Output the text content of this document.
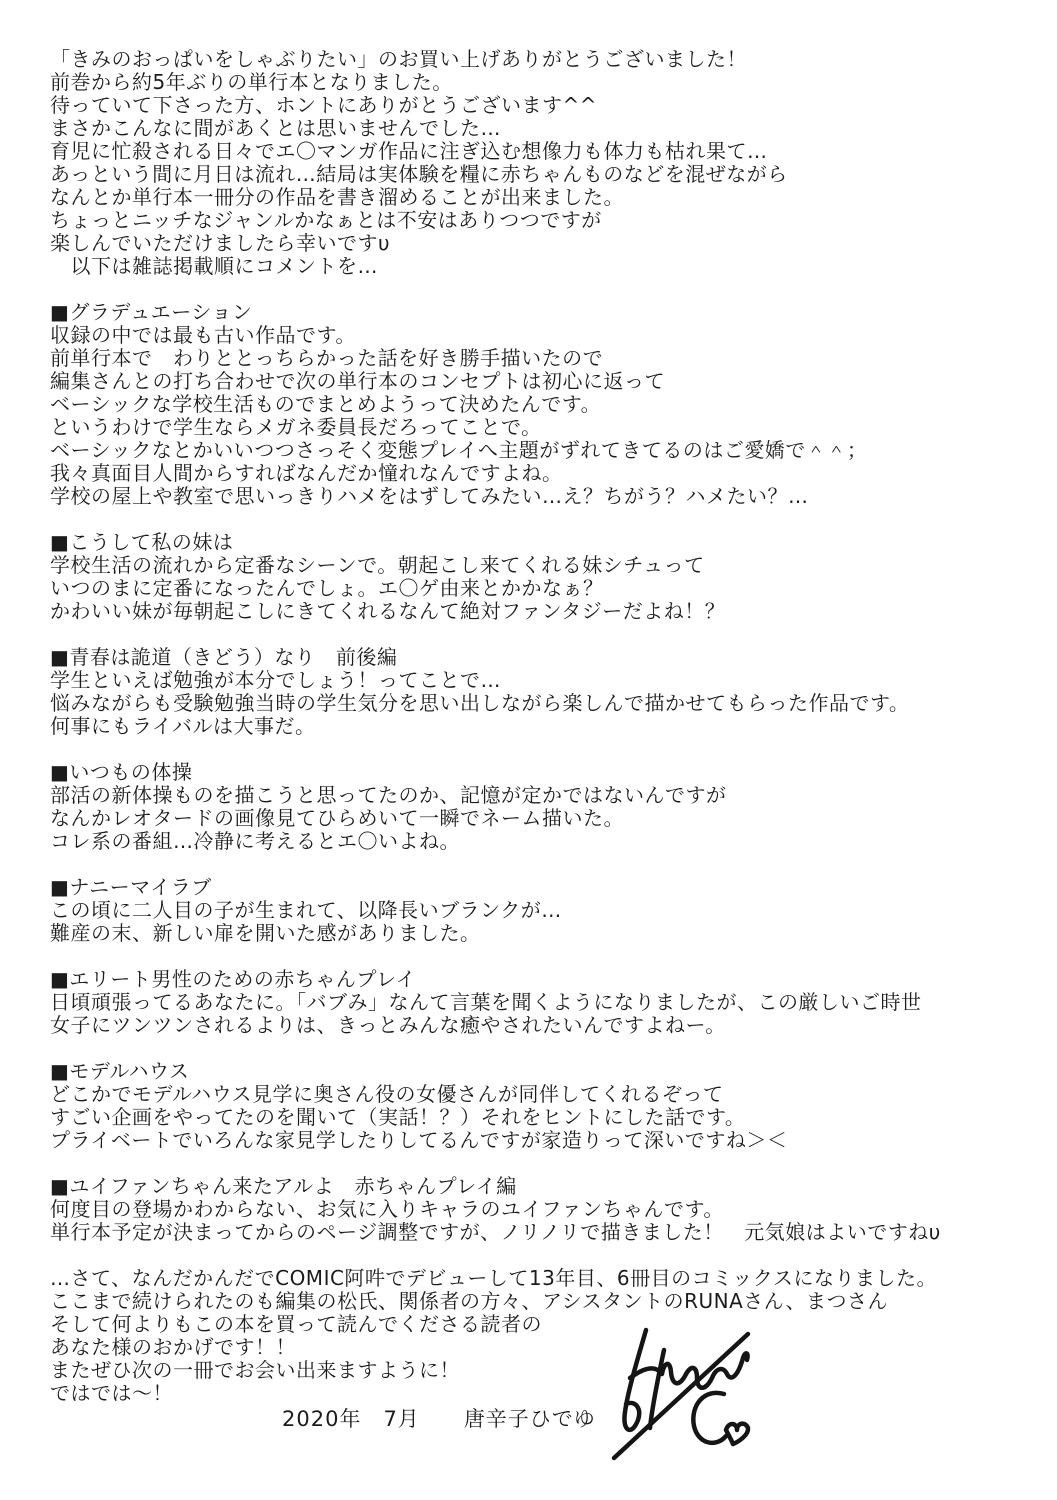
「きみのおっぱいをしゃぶりたい」のお買い上げありがとうございました！
前巻から約5年ぶりの単行本となりました。
待っていて下さった方、ホントにありがとうございます^^
まさかこんなに間があくとは思いませんでした…
育児に忙殺される日々でエ〇マンガ作品に注ぎ込む想像力も体力も枯れ果て…
あっという間に月日は流れ…結局は実体験を糧に赤ちゃんものなどを混ぜながら
なんとか単行本一冊分の作品を書き溜めることが出来ました。
ちょっとニッチなジャンルかなぁとは不安はありつつですが
楽しんでいただけましたら幸いですυ
　以下は雑誌掲載順にコメントを…
■グラデュエーション
収録の中では最も古い作品です。
前単行本で　わりととっちらかった話を好き勝手描いたので
編集さんとの打ち合わせで次の単行本のコンセプトは初心に返って
ベーシックな学校生活ものでまとめようって決めたんです。
というわけで学生ならメガネ委員長だろってことで。
ベーシックなとかいいつつさっそく変態プレイへ主題がずれてきてるのはご愛嬌で＾＾；
我々真面目人間からすればなんだか憧れなんですよね。
学校の屋上や教室で思いっきりハメをはずしてみたい…え？ちがう？ハメたい？…
■こうして私の妹は
学校生活の流れから定番なシーンで。朝起こし来てくれる妹シチュって
いつのまに定番になったんでしょ。エ〇ゲ由来とかかなぁ？
かわいい妹が毎朝起こしにきてくれるなんて絶対ファンタジーだよね！？
■青春は詭道（きどう）なり　前後編
学生といえば勉強が本分でしょう！ってことで…
悩みながらも受験勉強当時の学生気分を思い出しながら楽しんで描かせてもらった作品です。
何事にもライバルは大事だ。
■いつもの体操
部活の新体操ものを描こうと思ってたのか、記憶が定かではないんですが
なんかレオタードの画像見てひらめいて一瞬でネーム描いた。
コレ系の番組…冷静に考えるとエ〇いよね。
■ナニーマイラブ
この頃に二人目の子が生まれて、以降長いブランクが…
難産の末、新しい扉を開いた感がありました。
■エリート男性のための赤ちゃんプレイ
日頃頑張ってるあなたに。「バブみ」なんて言葉を聞くようになりましたが、この厳しいご時世
女子にツンツンされるよりは、きっとみんな癒やされたいんですよねー。
■モデルハウス
どこかでモデルハウス見学に奥さん役の女優さんが同伴してくれるぞって
すごい企画をやってたのを聞いて（実話！？）それをヒントにした話です。
プライベートでいろんな家見学したりしてるんですが家造りって深いですね＞＜
■ユイファンちゃん来たアルよ　赤ちゃんプレイ編
何度目の登場かわからない、お気に入りキャラのユイファンちゃんです。
単行本予定が決まってからのページ調整ですが、ノリノリで描きました！　元気娘はよいですねυ
…さて、なんだかんだでCOMIC阿吽でデビューして13年目、6冊目のコミックスになりました。
ここまで続けられたのも編集の松氏、関係者の方々、アシスタントのRUNAさん、まつさん
そして何よりもこの本を買って読んでくださる読者の
あなた様のおかげです！！
またぜひ次の一冊でお会い出来ますように！
ではでは～！
2020年　7月　　 唐辛子ひでゆ
